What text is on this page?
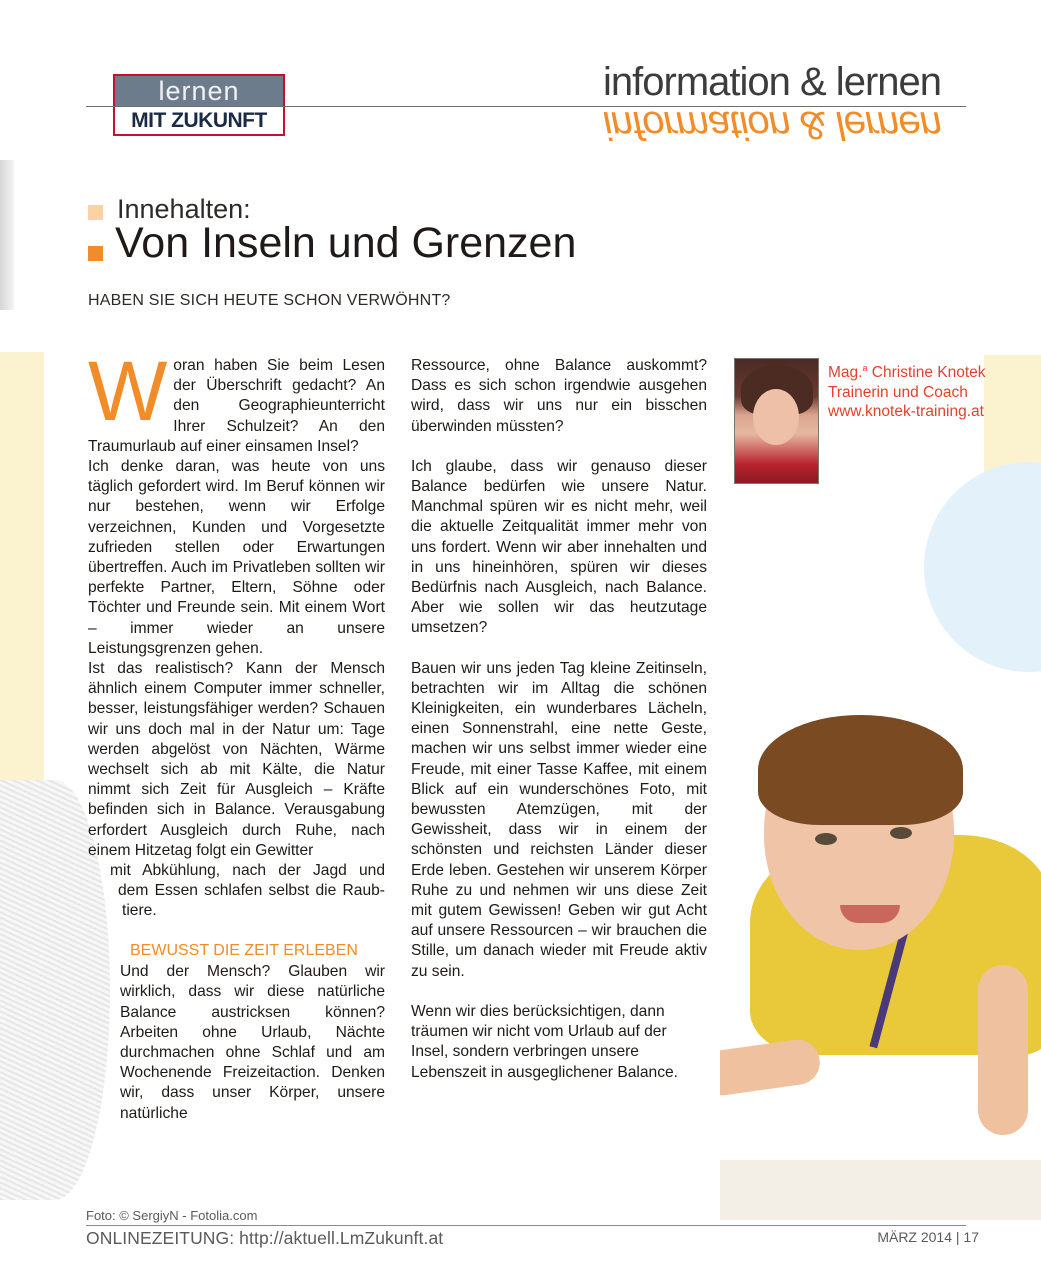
lernen
MIT ZUKUNFT
information & lernen
information & lernen
Innehalten:
Von Inseln und Grenzen
HABEN SIE SICH HEUTE SCHON VERWÖHNT?
W oran haben Sie beim Lesen der Überschrift gedacht? An den Geographieunterricht Ihrer Schulzeit? An den Traumurlaub auf einer einsamen Insel?

Ich denke daran, was heute von uns täglich gefordert wird. Im Beruf können wir nur bestehen, wenn wir Erfolge verzeichnen, Kunden und Vorgesetzte zufrieden stellen oder Erwartungen übertreffen. Auch im Privatleben sollten wir perfekte Partner, Eltern, Söhne oder Töchter und Freunde sein. Mit einem Wort – immer wieder an unsere Leistungsgrenzen gehen.

Ist das realistisch? Kann der Mensch ähnlich einem Computer immer schneller, besser, leistungsfähiger werden? Schauen wir uns doch mal in der Natur um: Tage werden abgelöst von Nächten, Wärme wechselt sich ab mit Kälte, die Natur nimmt sich Zeit für Ausgleich – Kräfte befinden sich in Balance. Verausgabung erfordert Ausgleich durch Ruhe, nach einem Hitzetag folgt ein Gewitter

mit Abkühlung, nach der Jagd und

dem Essen schlafen selbst die Raub-

tiere.

BEWUSST DIE ZEIT ERLEBEN

Und der Mensch? Glauben wir wirklich, dass wir diese natürliche Balance austricksen können? Arbeiten ohne Urlaub, Nächte durchmachen ohne Schlaf und am Wochenende Freizeitaction. Denken wir, dass unser Körper, unsere natürliche

Ressource, ohne Balance auskommt? Dass es sich schon irgendwie ausgehen wird, dass wir uns nur ein bisschen überwinden müssten?

Ich glaube, dass wir genauso dieser Balance bedürfen wie unsere Natur. Manchmal spüren wir es nicht mehr, weil die aktuelle Zeitqualität immer mehr von uns fordert. Wenn wir aber innehalten und in uns hineinhören, spüren wir dieses Bedürfnis nach Ausgleich, nach Balance. Aber wie sollen wir das heutzutage umsetzen?

Bauen wir uns jeden Tag kleine Zeitinseln, betrachten wir im Alltag die schönen Kleinigkeiten, ein wunderbares Lächeln, einen Sonnenstrahl, eine nette Geste, machen wir uns selbst immer wieder eine Freude, mit einer Tasse Kaffee, mit einem Blick auf ein wunderschönes Foto, mit bewussten Atemzügen, mit der Gewissheit, dass wir in einem der schönsten und reichsten Länder dieser Erde leben. Gestehen wir unserem Körper Ruhe zu und nehmen wir uns diese Zeit mit gutem Gewissen! Geben wir gut Acht auf unsere Ressourcen – wir brauchen die Stille, um danach wieder mit Freude aktiv zu sein.

Wenn wir dies berücksichtigen, dann träumen wir nicht vom Urlaub auf der Insel, sondern verbringen unsere Lebenszeit in ausgeglichener Balance.

Mag.$^a$ Christine Knotek

Trainerin und Coach

www.knotek-training.at

Foto: © SergiyN - Fotolia.com
ONLINEZEITUNG: http://aktuell.LmZukunft.at	MÄRZ 2014 | 17
